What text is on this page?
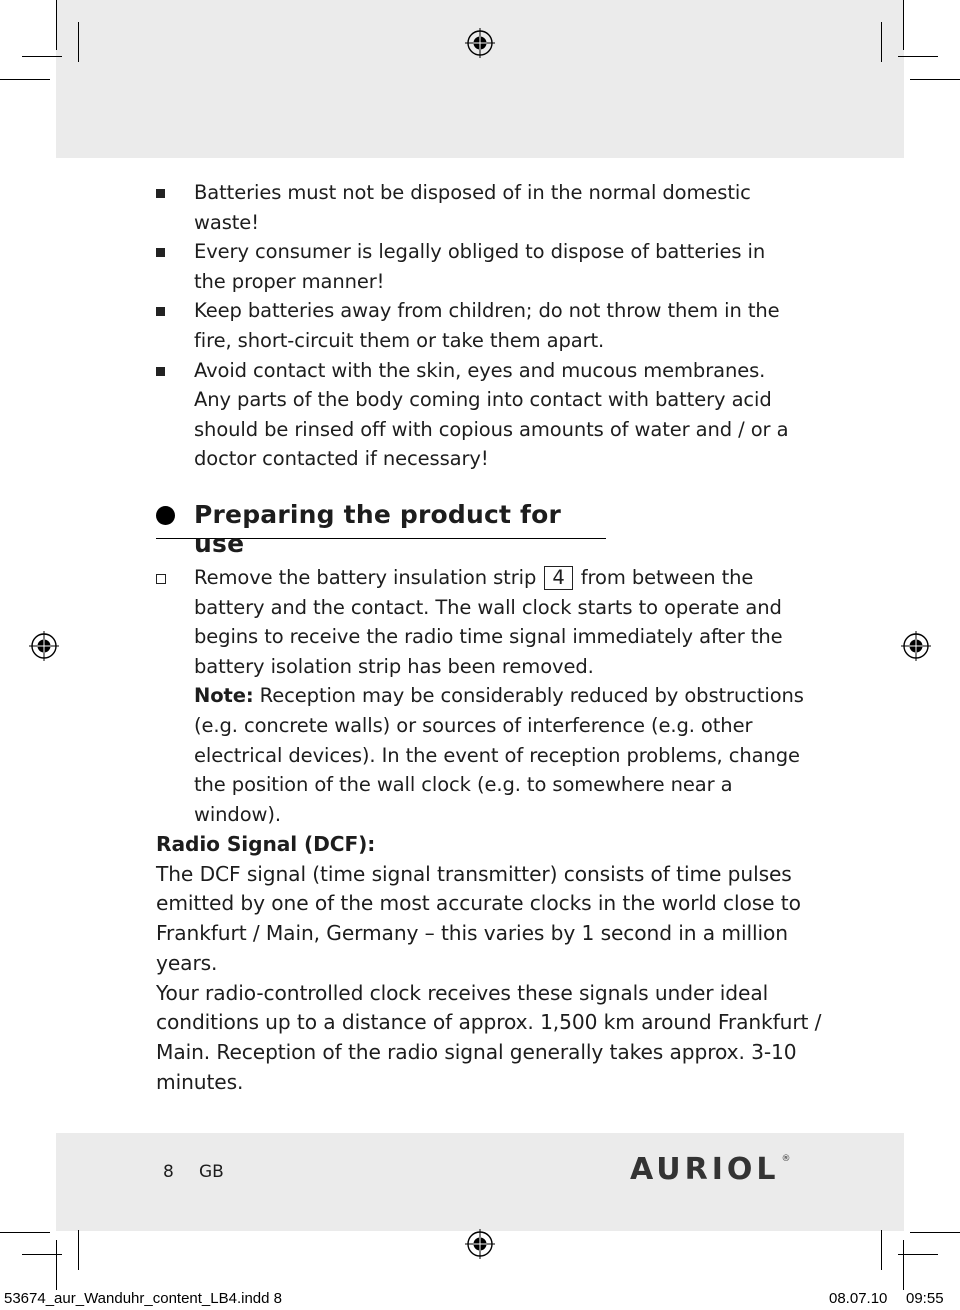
Batteries must not be disposed of in the normal domestic waste!
Every consumer is legally obliged to dispose of batteries in the proper manner!
Keep batteries away from children; do not throw them in the fire, short-circuit them or take them apart.
Avoid contact with the skin, eyes and mucous membranes. Any parts of the body coming into contact with battery acid should be rinsed off with copious amounts of water and / or a doctor contacted if necessary!
Preparing the product for use
Remove the battery insulation strip 4 from between the battery and the contact. The wall clock starts to operate and begins to receive the radio time signal immediately after the battery isolation strip has been removed.
Note: Reception may be considerably reduced by obstructions (e.g. concrete walls) or sources of interference (e.g. other electrical devices). In the event of reception problems, change the position of the wall clock (e.g. to somewhere near a window).

Radio Signal (DCF):

The DCF signal (time signal transmitter) consists of time pulses emitted by one of the most accurate clocks in the world close to Frankfurt / Main, Germany – this varies by 1 second in a million years.

Your radio-controlled clock receives these signals under ideal conditions up to a distance of approx. 1,500 km around Frankfurt / Main. Reception of the radio signal generally takes approx. 3-10 minutes.

8 GB	AURIOL ®
53674_aur_Wanduhr_content_LB4.indd 8	08.07.10 09:55
